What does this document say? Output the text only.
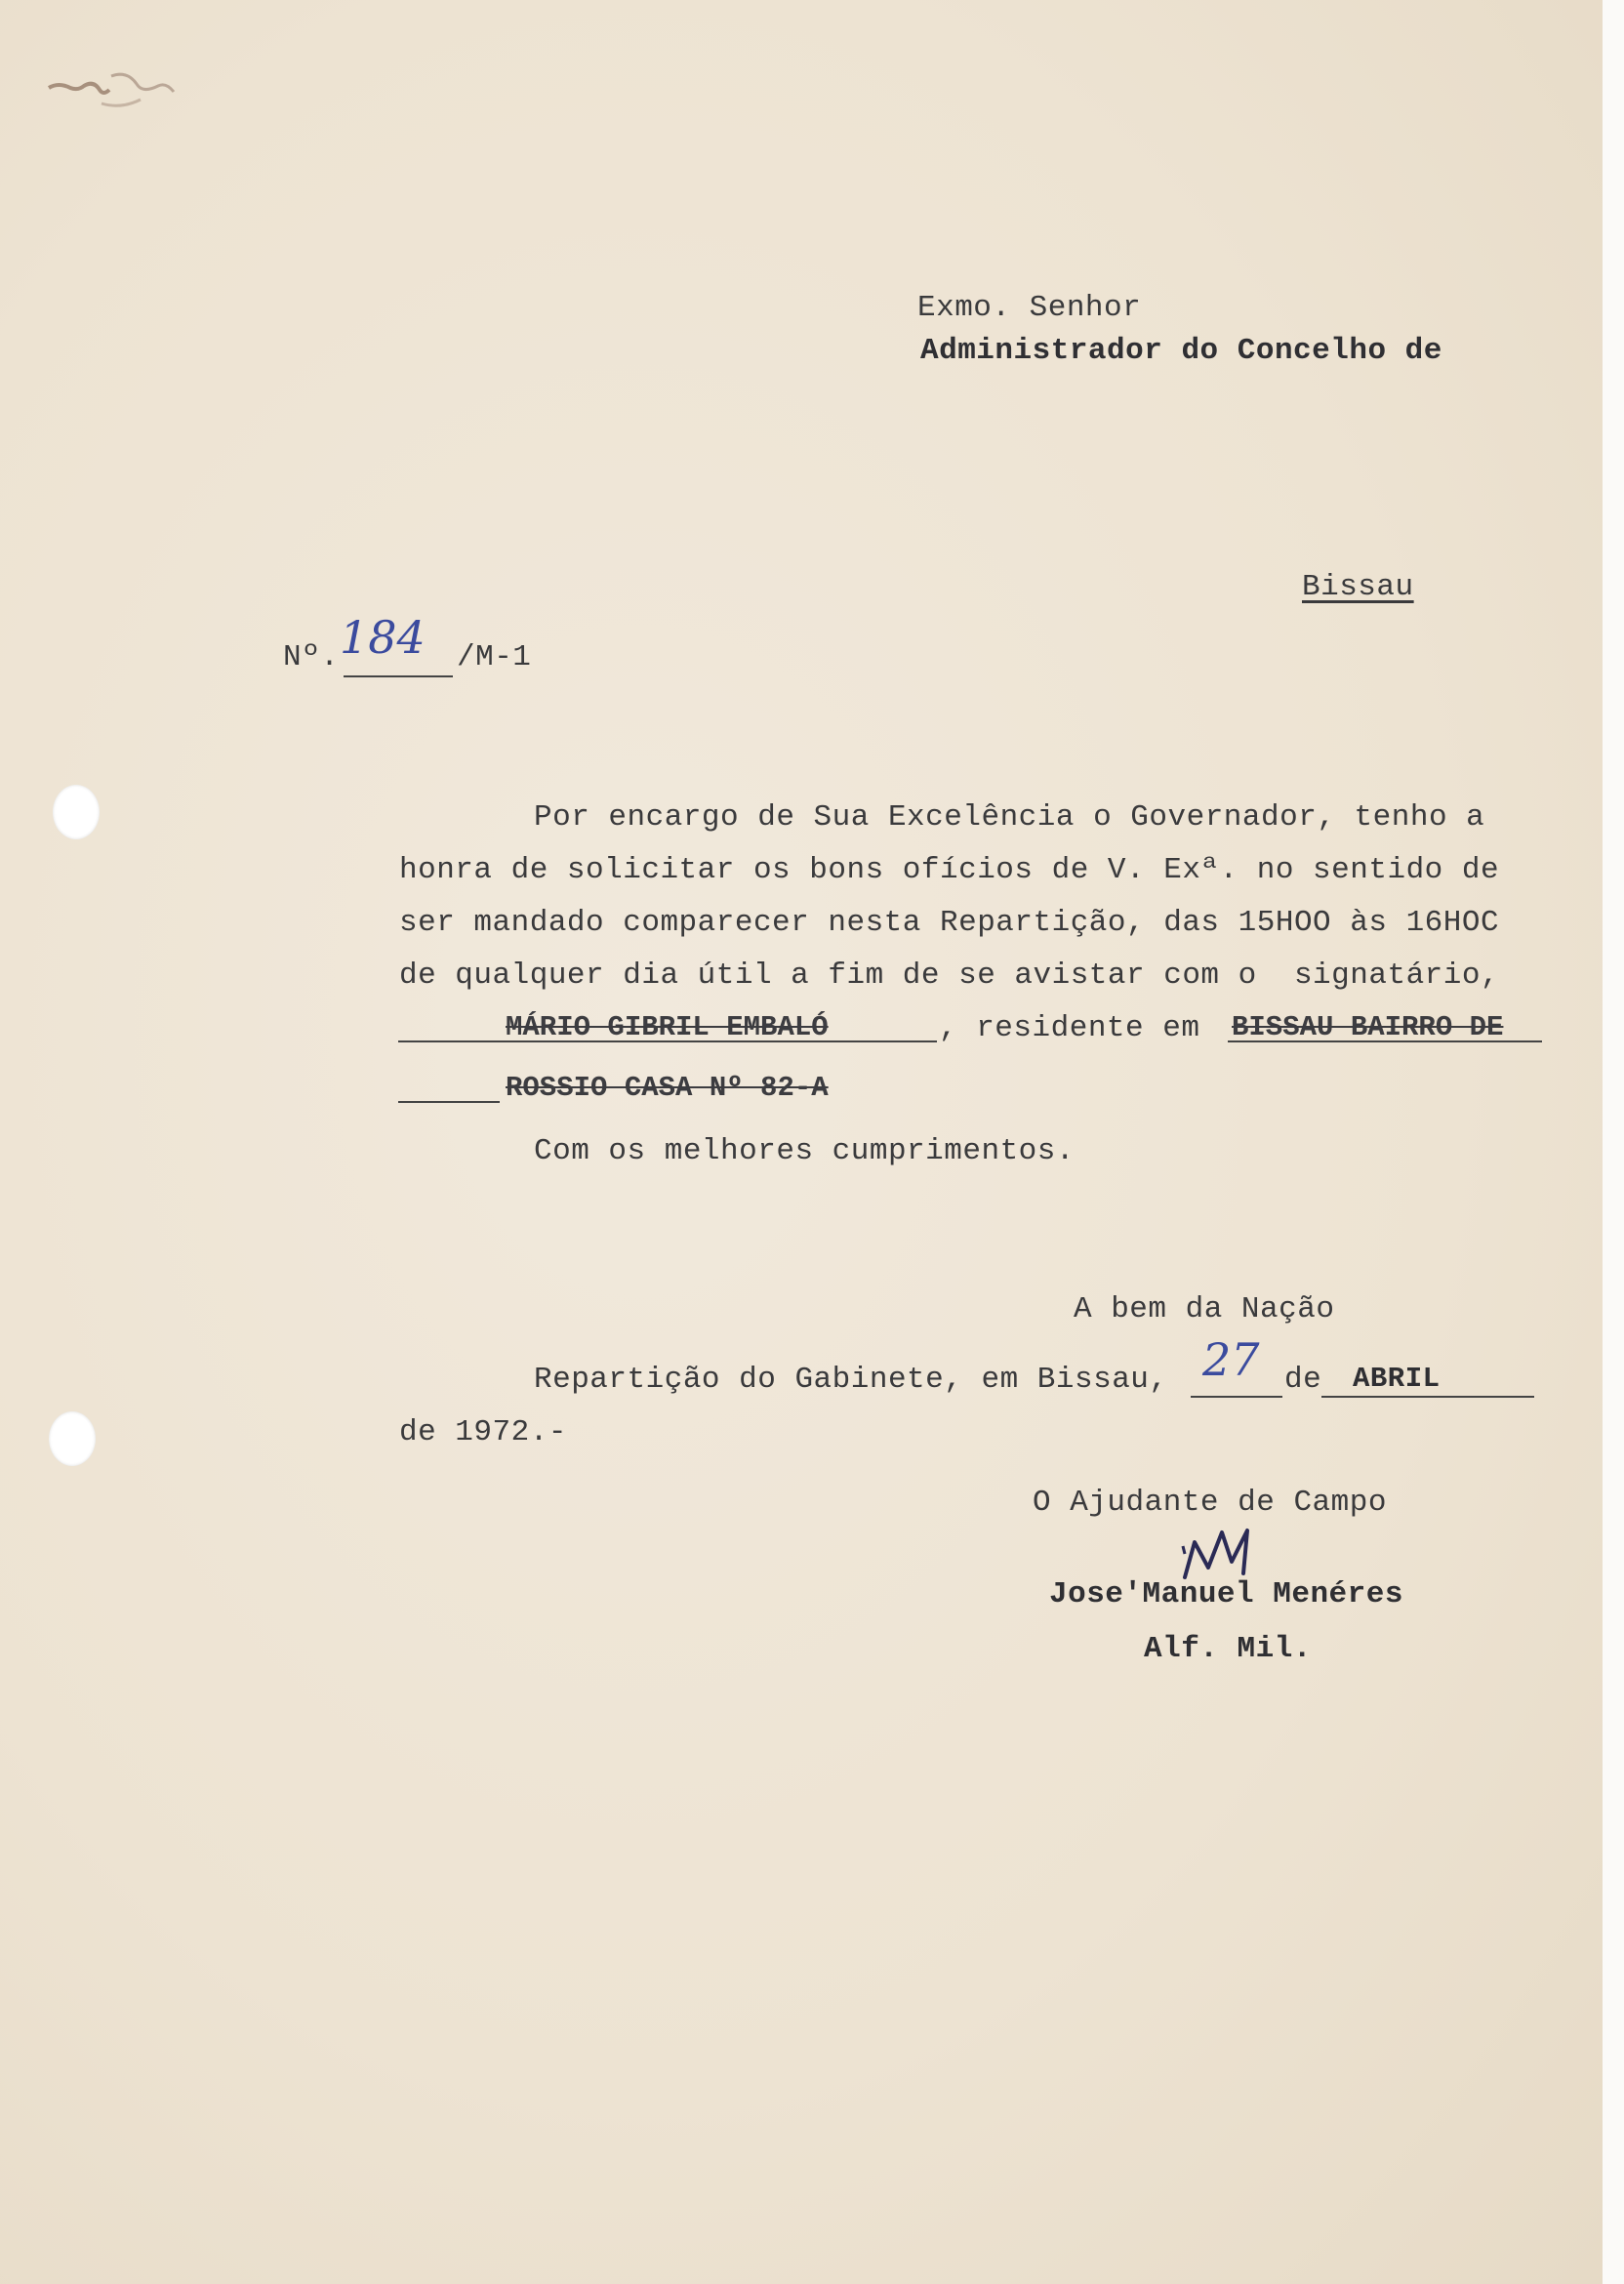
Exmo. Senhor
Administrador do Concelho de
Bissau
Nº. 184 /M-1
Por encargo de Sua Excelência o Governador, tenho a
honra de solicitar os bons ofícios de V. Exª. no sentido de
ser mandado comparecer nesta Repartição, das 15HOO às 16HOC
de qualquer dia útil a fim de se avistar com o  signatário,
MÁRIO GIBRIL EMBALÓ	, residente em BISSAU BAIRRO DE
ROSSIO CASA Nº 82-A
Com os melhores cumprimentos.
A bem da Nação
Repartição do Gabinete, em Bissau, 27 de ABRIL
de 1972.-
O Ajudante de Campo
Jose'Manuel Menéres
Alf. Mil.
